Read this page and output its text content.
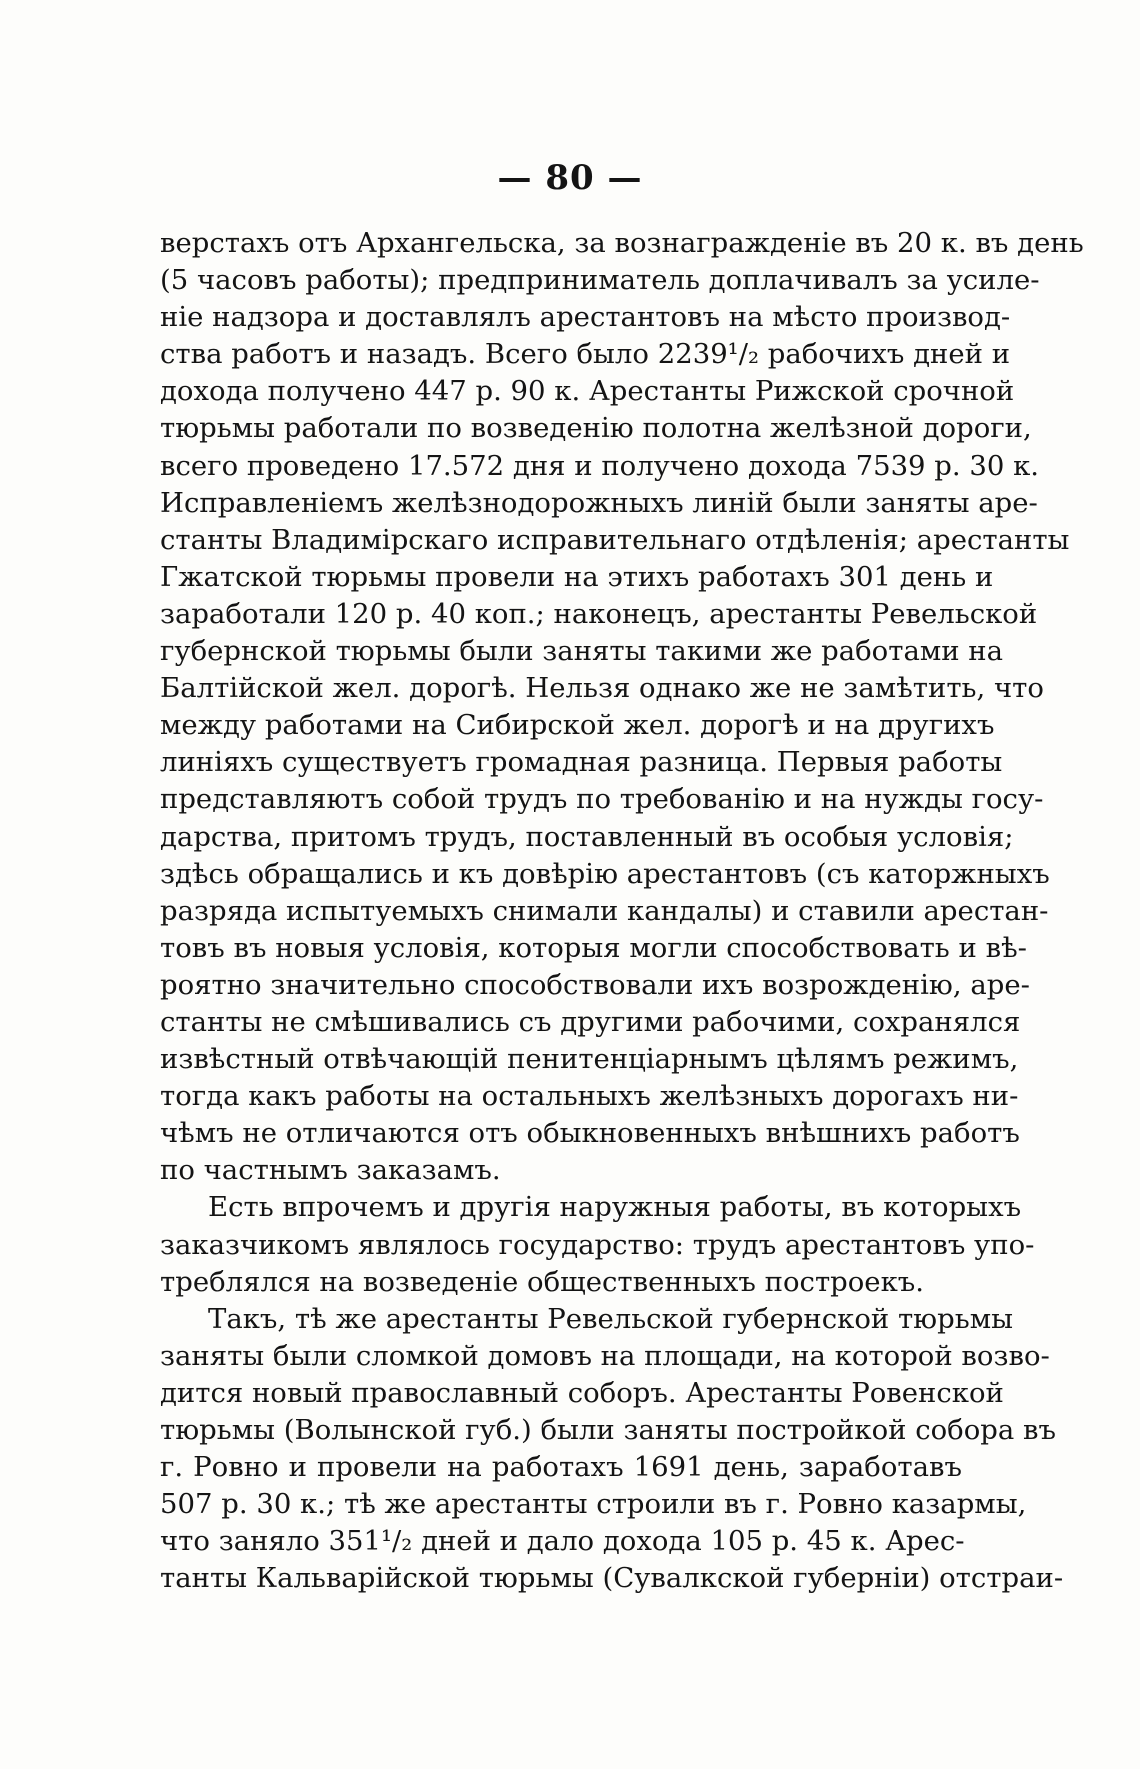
— 80 —
верстахъ отъ Архангельска, за вознагражденіе въ 20 к. въ день
(5 часовъ работы); предприниматель доплачивалъ за усиле-
ніе надзора и доставлялъ арестантовъ на мѣсто производ-
ства работъ и назадъ. Всего было 2239¹/₂ рабочихъ дней и
дохода получено 447 р. 90 к. Арестанты Рижской срочной
тюрьмы работали по возведенію полотна желѣзной дороги,
всего проведено 17.572 дня и получено дохода 7539 р. 30 к.
Исправленіемъ желѣзнодорожныхъ линій были заняты аре-
станты Владимірскаго исправительнаго отдѣленія; арестанты
Гжатской тюрьмы провели на этихъ работахъ 301 день и
заработали 120 р. 40 коп.; наконецъ, арестанты Ревельской
губернской тюрьмы были заняты такими же работами на
Балтійской жел. дорогѣ. Нельзя однако же не замѣтить, что
между работами на Сибирской жел. дорогѣ и на другихъ
линіяхъ существуетъ громадная разница. Первыя работы
представляютъ собой трудъ по требованію и на нужды госу-
дарства, притомъ трудъ, поставленный въ особыя условія;
здѣсь обращались и къ довѣрію арестантовъ (съ каторжныхъ
разряда испытуемыхъ снимали кандалы) и ставили арестан-
товъ въ новыя условія, которыя могли способствовать и вѣ-
роятно значительно способствовали ихъ возрожденію, аре-
станты не смѣшивались съ другими рабочими, сохранялся
извѣстный отвѣчающій пенитенціарнымъ цѣлямъ режимъ,
тогда какъ работы на остальныхъ желѣзныхъ дорогахъ ни-
чѣмъ не отличаются отъ обыкновенныхъ внѣшнихъ работъ
по частнымъ заказамъ.
Есть впрочемъ и другія наружныя работы, въ которыхъ
заказчикомъ являлось государство: трудъ арестантовъ упо-
треблялся на возведеніе общественныхъ построекъ.
Такъ, тѣ же арестанты Ревельской губернской тюрьмы
заняты были сломкой домовъ на площади, на которой возво-
дится новый православный соборъ. Арестанты Ровенской
тюрьмы (Волынской губ.) были заняты постройкой собора въ
г. Ровно и провели на работахъ 1691 день, заработавъ
507 р. 30 к.; тѣ же арестанты строили въ г. Ровно казармы,
что заняло 351¹/₂ дней и дало дохода 105 р. 45 к. Арес-
танты Кальварійской тюрьмы (Сувалкской губерніи) отстраи-
